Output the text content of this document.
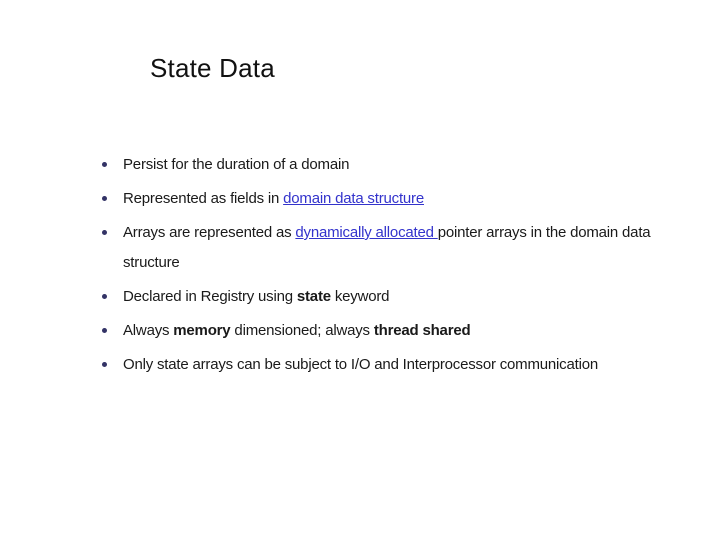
State Data
Persist for the duration of a domain
Represented as fields in domain data structure
Arrays are represented as dynamically allocated pointer arrays in the domain data structure
Declared in Registry using state keyword
Always memory dimensioned; always thread shared
Only state arrays can be subject to I/O and Interprocessor communication
